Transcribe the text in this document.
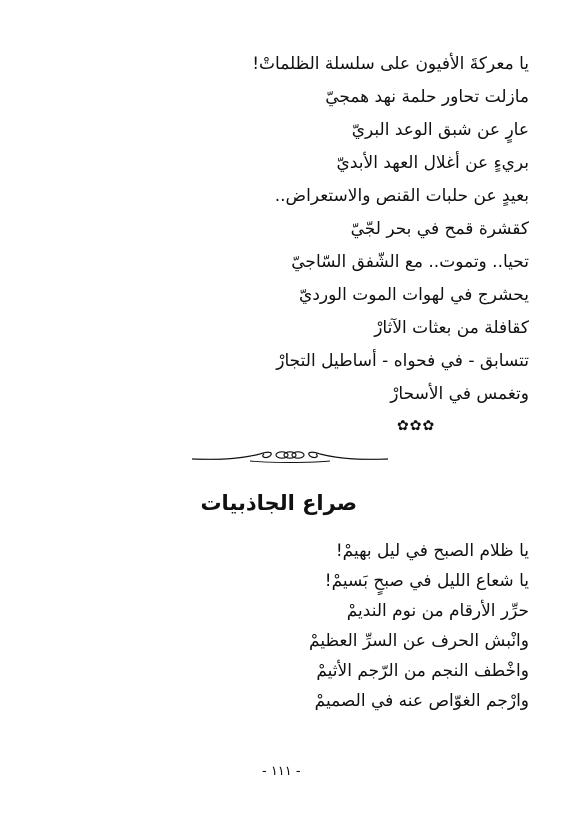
يا معركةَ الأفيون على سلسلة الظلماتْ!

مازلت تحاور حلمة نهد همجيّ

عارٍ عن شبق الوعد البريّ

بريءٍ عن أغلال العهد الأبديّ

بعيدٍ عن حلبات القنص والاستعراض..

كقشرة قمح في بحر لجّيّ

تحيا.. وتموت.. مع الشّفق السّاجيّ

يحشرج في لهوات الموت الورديّ

كقافلة من بعثات الآثارْ

تتسابق - في فحواه - أساطيل التجارْ

وتغمس في الأسحارْ

✿✿✿
صراع الجاذبيات

يا ظلام الصبح في ليل بهيمْ!

يا شعاع الليل في صبحٍ بَسيمْ!

حرِّر الأرقام من نوم النديمْ

وانْبش الحرف عن السرِّ العظيمْ

واخْطف النجم من الرّجم الأثيمْ

وارْجم الغوّاص عنه في الصميمْ

- ١١١ -
